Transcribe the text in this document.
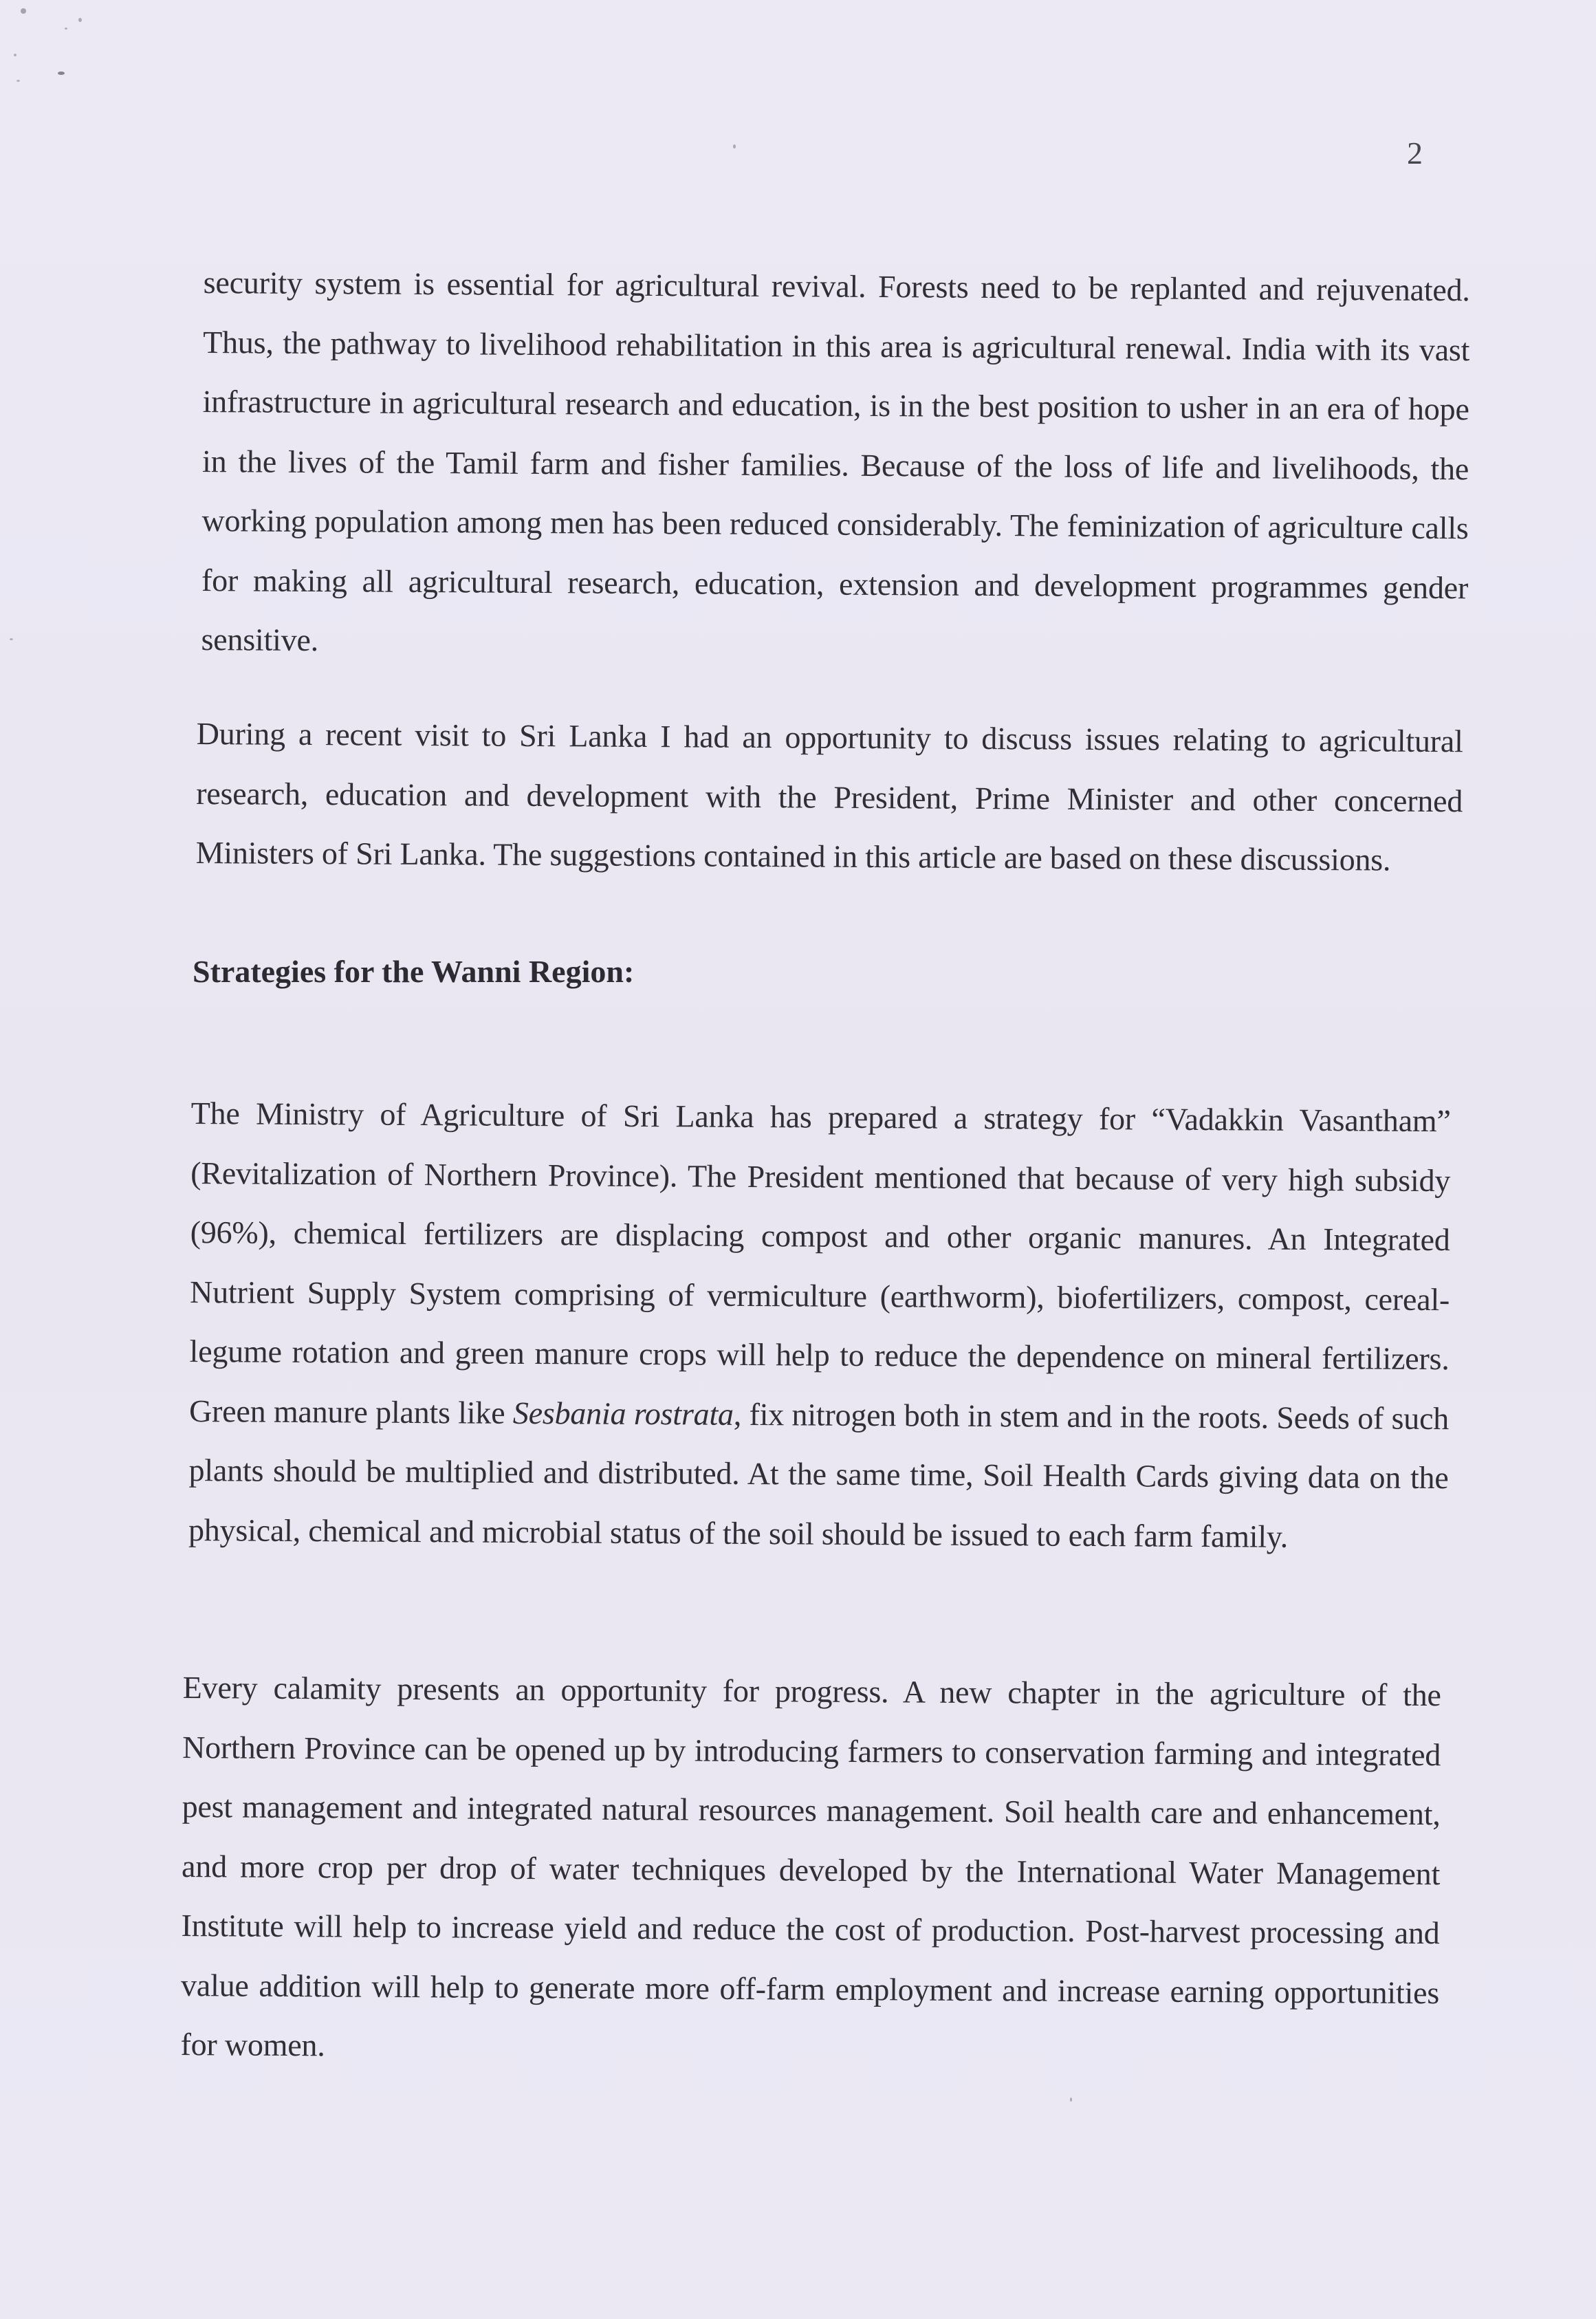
2

security system is essential for agricultural revival. Forests need to be replanted and rejuvenated. Thus, the pathway to livelihood rehabilitation in this area is agricultural renewal. India with its vast infrastructure in agricultural research and education, is in the best position to usher in an era of hope in the lives of the Tamil farm and fisher families. Because of the loss of life and livelihoods, the working population among men has been reduced considerably. The feminization of agriculture calls for making all agricultural research, education, extension and development programmes gender sensitive.

During a recent visit to Sri Lanka I had an opportunity to discuss issues relating to agricultural research, education and development with the President, Prime Minister and other concerned Ministers of Sri Lanka. The suggestions contained in this article are based on these discussions.

Strategies for the Wanni Region:

The Ministry of Agriculture of Sri Lanka has prepared a strategy for “Vadakkin Vasantham” (Revitalization of Northern Province). The President mentioned that because of very high subsidy (96%), chemical fertilizers are displacing compost and other organic manures. An Integrated Nutrient Supply System comprising of vermiculture (earthworm), biofertilizers, compost, cereal-legume rotation and green manure crops will help to reduce the dependence on mineral fertilizers. Green manure plants like Sesbania rostrata, fix nitrogen both in stem and in the roots. Seeds of such plants should be multiplied and distributed. At the same time, Soil Health Cards giving data on the physical, chemical and microbial status of the soil should be issued to each farm family.

Every calamity presents an opportunity for progress. A new chapter in the agriculture of the Northern Province can be opened up by introducing farmers to conservation farming and integrated pest management and integrated natural resources management. Soil health care and enhancement, and more crop per drop of water techniques developed by the International Water Management Institute will help to increase yield and reduce the cost of production. Post-harvest processing and value addition will help to generate more off-farm employment and increase earning opportunities for women.
